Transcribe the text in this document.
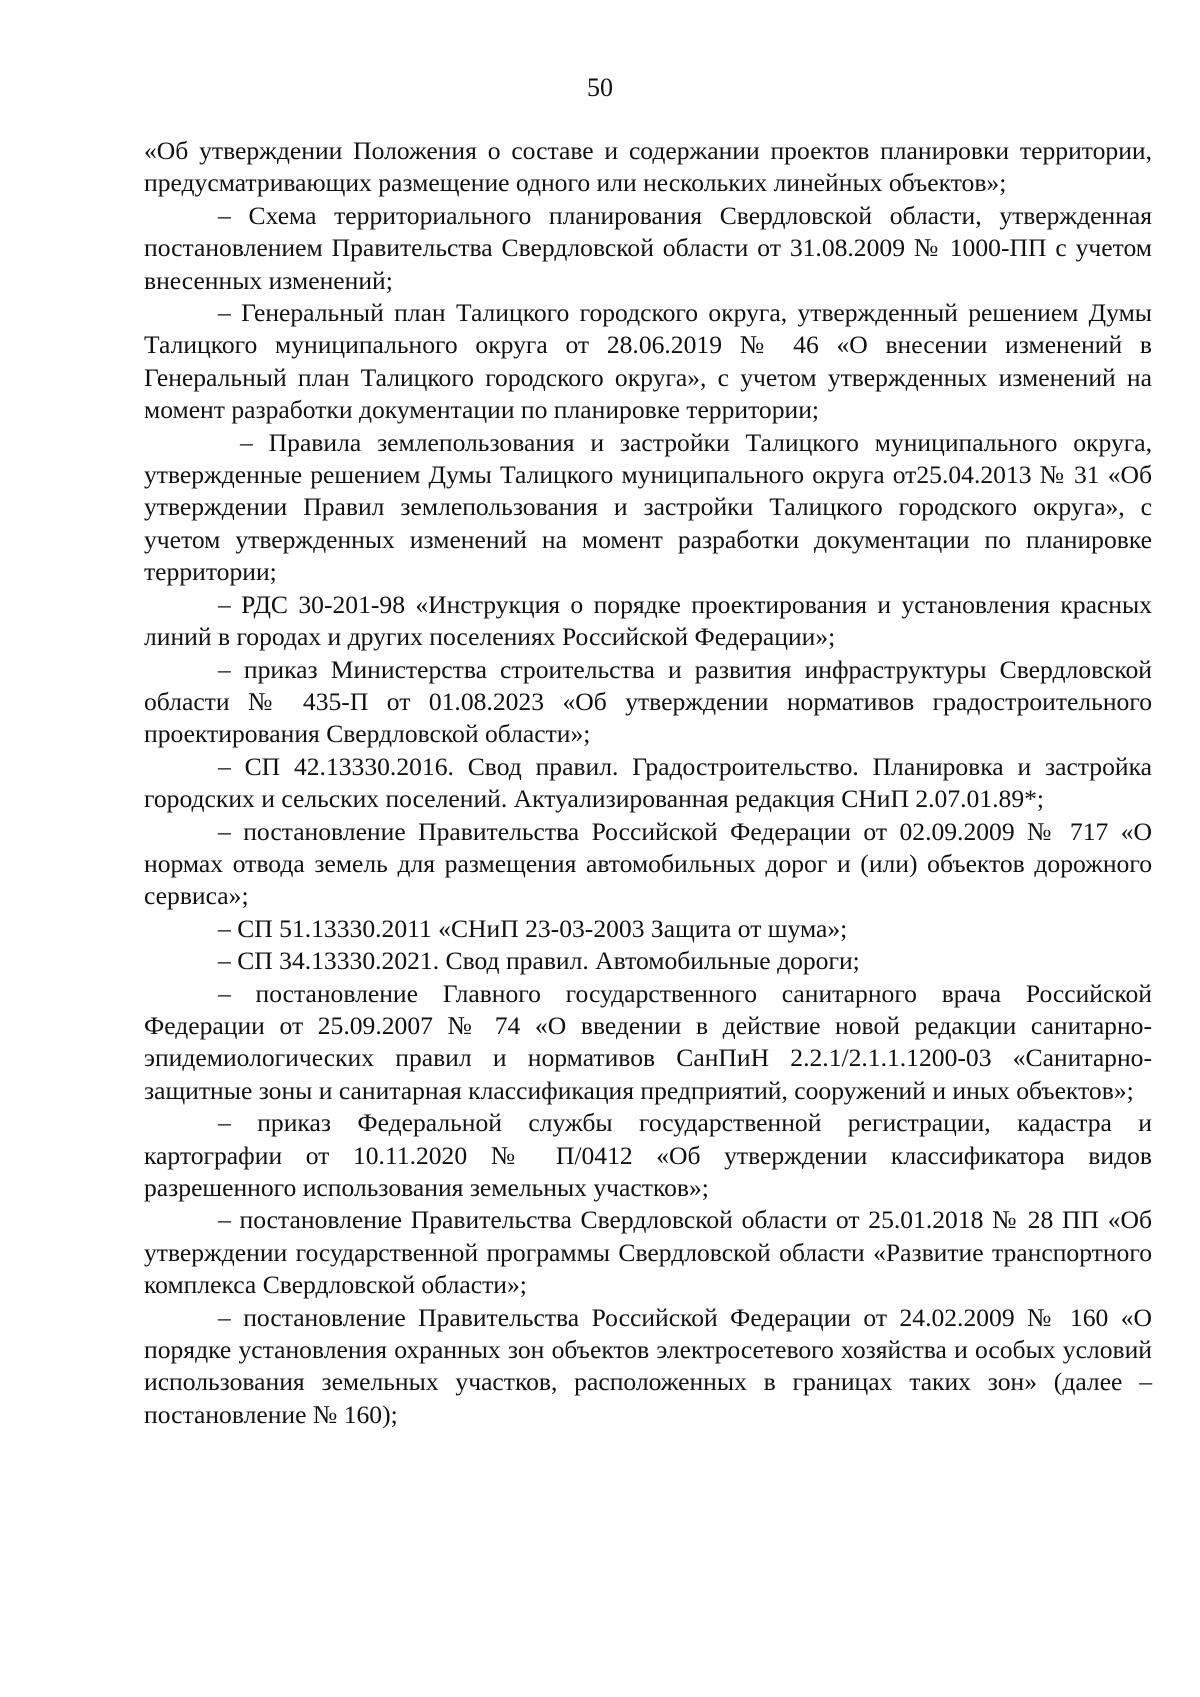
50

«Об утверждении Положения о составе и содержании проектов планировки территории, предусматривающих размещение одного или нескольких линейных объектов»;

– Схема территориального планирования Свердловской области, утвержденная постановлением Правительства Свердловской области от 31.08.2009 № 1000-ПП с учетом внесенных изменений;

– Генеральный план Талицкого городского округа, утвержденный решением Думы Талицкого муниципального округа от 28.06.2019 № 46 «О внесении изменений в Генеральный план Талицкого городского округа», с учетом утвержденных изменений на момент разработки документации по планировке территории;

– Правила землепользования и застройки Талицкого муниципального округа, утвержденные решением Думы Талицкого муниципального округа от25.04.2013 № 31 «Об утверждении Правил землепользования и застройки Талицкого городского округа», с учетом утвержденных изменений на момент разработки документации по планировке территории;

– РДС 30-201-98 «Инструкция о порядке проектирования и установления красных линий в городах и других поселениях Российской Федерации»;

– приказ Министерства строительства и развития инфраструктуры Свердловской области № 435-П от 01.08.2023 «Об утверждении нормативов градостроительного проектирования Свердловской области»;

– СП 42.13330.2016. Свод правил. Градостроительство. Планировка и застройка городских и сельских поселений. Актуализированная редакция СНиП 2.07.01.89*;

– постановление Правительства Российской Федерации от 02.09.2009 № 717 «О нормах отвода земель для размещения автомобильных дорог и (или) объектов дорожного сервиса»;

– СП 51.13330.2011 «СНиП 23-03-2003 Защита от шума»;

– СП 34.13330.2021. Свод правил. Автомобильные дороги;

– постановление Главного государственного санитарного врача Российской Федерации от 25.09.2007 № 74 «О введении в действие новой редакции санитарно-эпидемиологических правил и нормативов СанПиН 2.2.1/2.1.1.1200-03 «Санитарно-защитные зоны и санитарная классификация предприятий, сооружений и иных объектов»;

– приказ Федеральной службы государственной регистрации, кадастра и картографии от 10.11.2020 № П/0412 «Об утверждении классификатора видов разрешенного использования земельных участков»;

– постановление Правительства Свердловской области от 25.01.2018 № 28 ПП «Об утверждении государственной программы Свердловской области «Развитие транспортного комплекса Свердловской области»;

– постановление Правительства Российской Федерации от 24.02.2009 № 160 «О порядке установления охранных зон объектов электросетевого хозяйства и особых условий использования земельных участков, расположенных в границах таких зон» (далее – постановление № 160);
